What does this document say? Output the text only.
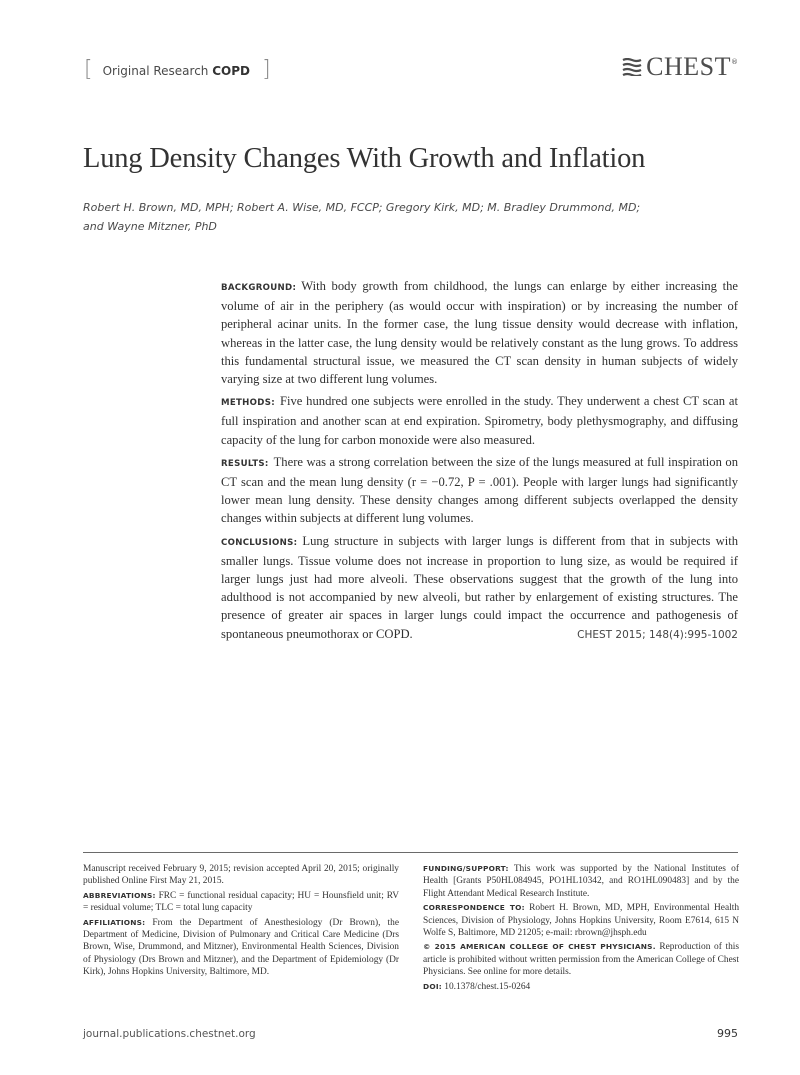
[ Original Research COPD ]	CHEST ®
Lung Density Changes With Growth and Inflation
Robert H. Brown, MD, MPH; Robert A. Wise, MD, FCCP; Gregory Kirk, MD; M. Bradley Drummond, MD;
and Wayne Mitzner, PhD

BACKGROUND: With body growth from childhood, the lungs can enlarge by either increasing the volume of air in the periphery (as would occur with inspiration) or by increasing the number of peripheral acinar units. In the former case, the lung tissue density would decrease with inflation, whereas in the latter case, the lung density would be relatively constant as the lung grows. To address this fundamental structural issue, we measured the CT scan density in human subjects of widely varying size at two different lung volumes.

METHODS: Five hundred one subjects were enrolled in the study. They underwent a chest CT scan at full inspiration and another scan at end expiration. Spirometry, body plethysmography, and diffusing capacity of the lung for carbon monoxide were also measured.

RESULTS: There was a strong correlation between the size of the lungs measured at full inspiration on CT scan and the mean lung density (r = −0.72, P = .001). People with larger lungs had significantly lower mean lung density. These density changes among different subjects overlapped the density changes within subjects at different lung volumes.

CONCLUSIONS: Lung structure in subjects with larger lungs is different from that in subjects with smaller lungs. Tissue volume does not increase in proportion to lung size, as would be required if larger lungs just had more alveoli. These observations suggest that the growth of the lung into adulthood is not accompanied by new alveoli, but rather by enlargement of existing structures. The presence of greater air spaces in larger lungs could impact the occurrence and pathogenesis of spontaneous pneumothorax or COPD.	CHEST 2015; 148(4):995-1002

Manuscript received February 9, 2015; revision accepted April 20, 2015; originally published Online First May 21, 2015.

ABBREVIATIONS: FRC = functional residual capacity; HU = Hounsfield unit; RV = residual volume; TLC = total lung capacity

AFFILIATIONS: From the Department of Anesthesiology (Dr Brown), the Department of Medicine, Division of Pulmonary and Critical Care Medicine (Drs Brown, Wise, Drummond, and Mitzner), Environmental Health Sciences, Division of Physiology (Drs Brown and Mitzner), and the Department of Epidemiology (Dr Kirk), Johns Hopkins University, Baltimore, MD.

FUNDING/SUPPORT: This work was supported by the National Institutes of Health [Grants P50HL084945, PO1HL10342, and RO1HL090483] and by the Flight Attendant Medical Research Institute.

CORRESPONDENCE TO: Robert H. Brown, MD, MPH, Environmental Health Sciences, Division of Physiology, Johns Hopkins University, Room E7614, 615 N Wolfe S, Baltimore, MD 21205; e-mail: rbrown@jhsph.edu

© 2015 AMERICAN COLLEGE OF CHEST PHYSICIANS. Reproduction of this article is prohibited without written permission from the American College of Chest Physicians. See online for more details.

DOI: 10.1378/chest.15-0264

journal.publications.chestnet.org	995
